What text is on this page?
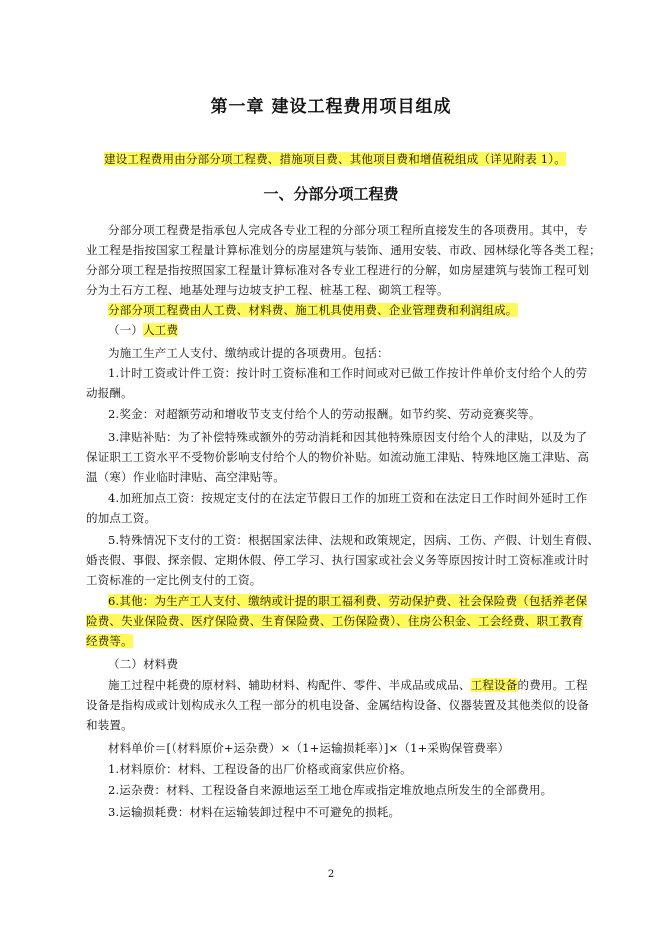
第一章 建设工程费用项目组成
建设工程费用由分部分项工程费、措施项目费、其他项目费和增值税组成（详见附表 1）。
一、分部分项工程费
分部分项工程费是指承包人完成各专业工程的分部分项工程所直接发生的各项费用。其中，专
业工程是指按国家工程量计算标准划分的房屋建筑与装饰、通用安装、市政、园林绿化等各类工程；
分部分项工程是指按照国家工程量计算标准对各专业工程进行的分解，如房屋建筑与装饰工程可划
分为土石方工程、地基处理与边坡支护工程、桩基工程、砌筑工程等。
分部分项工程费由人工费、材料费、施工机具使用费、企业管理费和利润组成。
（一）人工费
为施工生产工人支付、缴纳或计提的各项费用。包括：
1.计时工资或计件工资：按计时工资标准和工作时间或对已做工作按计件单价支付给个人的劳
动报酬。
2.奖金：对超额劳动和增收节支支付给个人的劳动报酬。如节约奖、劳动竞赛奖等。
3.津贴补贴：为了补偿特殊或额外的劳动消耗和因其他特殊原因支付给个人的津贴，以及为了
保证职工工资水平不受物价影响支付给个人的物价补贴。如流动施工津贴、特殊地区施工津贴、高
温（寒）作业临时津贴、高空津贴等。
4.加班加点工资：按规定支付的在法定节假日工作的加班工资和在法定日工作时间外延时工作
的加点工资。
5.特殊情况下支付的工资：根据国家法律、法规和政策规定，因病、工伤、产假、计划生育假、
婚丧假、事假、探亲假、定期休假、停工学习、执行国家或社会义务等原因按计时工资标准或计时
工资标准的一定比例支付的工资。
6.其他：为生产工人支付、缴纳或计提的职工福利费、劳动保护费、社会保险费（包括养老保
险费、失业保险费、医疗保险费、生育保险费、工伤保险费）、住房公积金、工会经费、职工教育
经费等。
（二）材料费
施工过程中耗费的原材料、辅助材料、构配件、零件、半成品或成品、工程设备的费用。工程
设备是指构成或计划构成永久工程一部分的机电设备、金属结构设备、仪器装置及其他类似的设备
和装置。
材料单价＝[（材料原价+运杂费）×（1+运输损耗率）]×（1+采购保管费率）
1.材料原价：材料、工程设备的出厂价格或商家供应价格。
2.运杂费：材料、工程设备自来源地运至工地仓库或指定堆放地点所发生的全部费用。
3.运输损耗费：材料在运输装卸过程中不可避免的损耗。
2
